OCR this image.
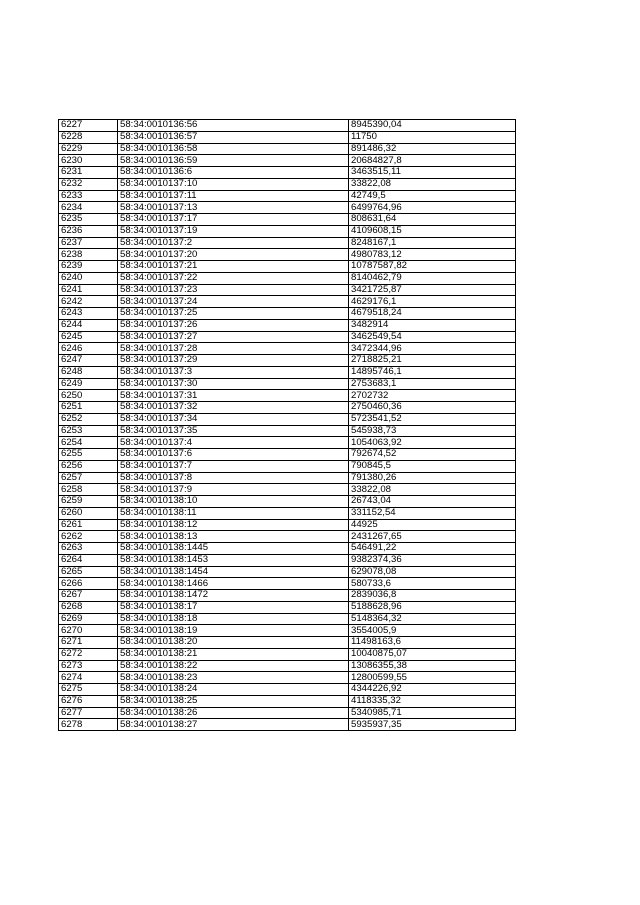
6227	58:34:0010136:56	8945390,04
6228	58:34:0010136:57	11750
6229	58:34:0010136:58	891486,32
6230	58:34:0010136:59	20684827,8
6231	58:34:0010136:6	3463515,11
6232	58:34:0010137:10	33822,08
6233	58:34:0010137:11	42749,5
6234	58:34:0010137:13	6499764,96
6235	58:34:0010137:17	808631,64
6236	58:34:0010137:19	4109608,15
6237	58:34:0010137:2	8248167,1
6238	58:34:0010137:20	4980783,12
6239	58:34:0010137:21	10787587,82
6240	58:34:0010137:22	8140462,79
6241	58:34:0010137:23	3421725,87
6242	58:34:0010137:24	4629176,1
6243	58:34:0010137:25	4679518,24
6244	58:34:0010137:26	3482914
6245	58:34:0010137:27	3462549,54
6246	58:34:0010137:28	3472344,96
6247	58:34:0010137:29	2718825,21
6248	58:34:0010137:3	14895746,1
6249	58:34:0010137:30	2753683,1
6250	58:34:0010137:31	2702732
6251	58:34:0010137:32	2750460,36
6252	58:34:0010137:34	5723541,52
6253	58:34:0010137:35	545938,73
6254	58:34:0010137:4	1054063,92
6255	58:34:0010137:6	792674,52
6256	58:34:0010137:7	790845,5
6257	58:34:0010137:8	791380,26
6258	58:34:0010137:9	33822,08
6259	58:34:0010138:10	26743,04
6260	58:34:0010138:11	331152,54
6261	58:34:0010138:12	44925
6262	58:34:0010138:13	2431267,65
6263	58:34:0010138:1445	546491,22
6264	58:34:0010138:1453	9382374,36
6265	58:34:0010138:1454	629078,08
6266	58:34:0010138:1466	580733,6
6267	58:34:0010138:1472	2839036,8
6268	58:34:0010138:17	5188628,96
6269	58:34:0010138:18	5148364,32
6270	58:34:0010138:19	3554005,9
6271	58:34:0010138:20	11498163,6
6272	58:34:0010138:21	10040875,07
6273	58:34:0010138:22	13086355,38
6274	58:34:0010138:23	12800599,55
6275	58:34:0010138:24	4344226,92
6276	58:34:0010138:25	4118335,32
6277	58:34:0010138:26	5340985,71
6278	58:34:0010138:27	5935937,35
